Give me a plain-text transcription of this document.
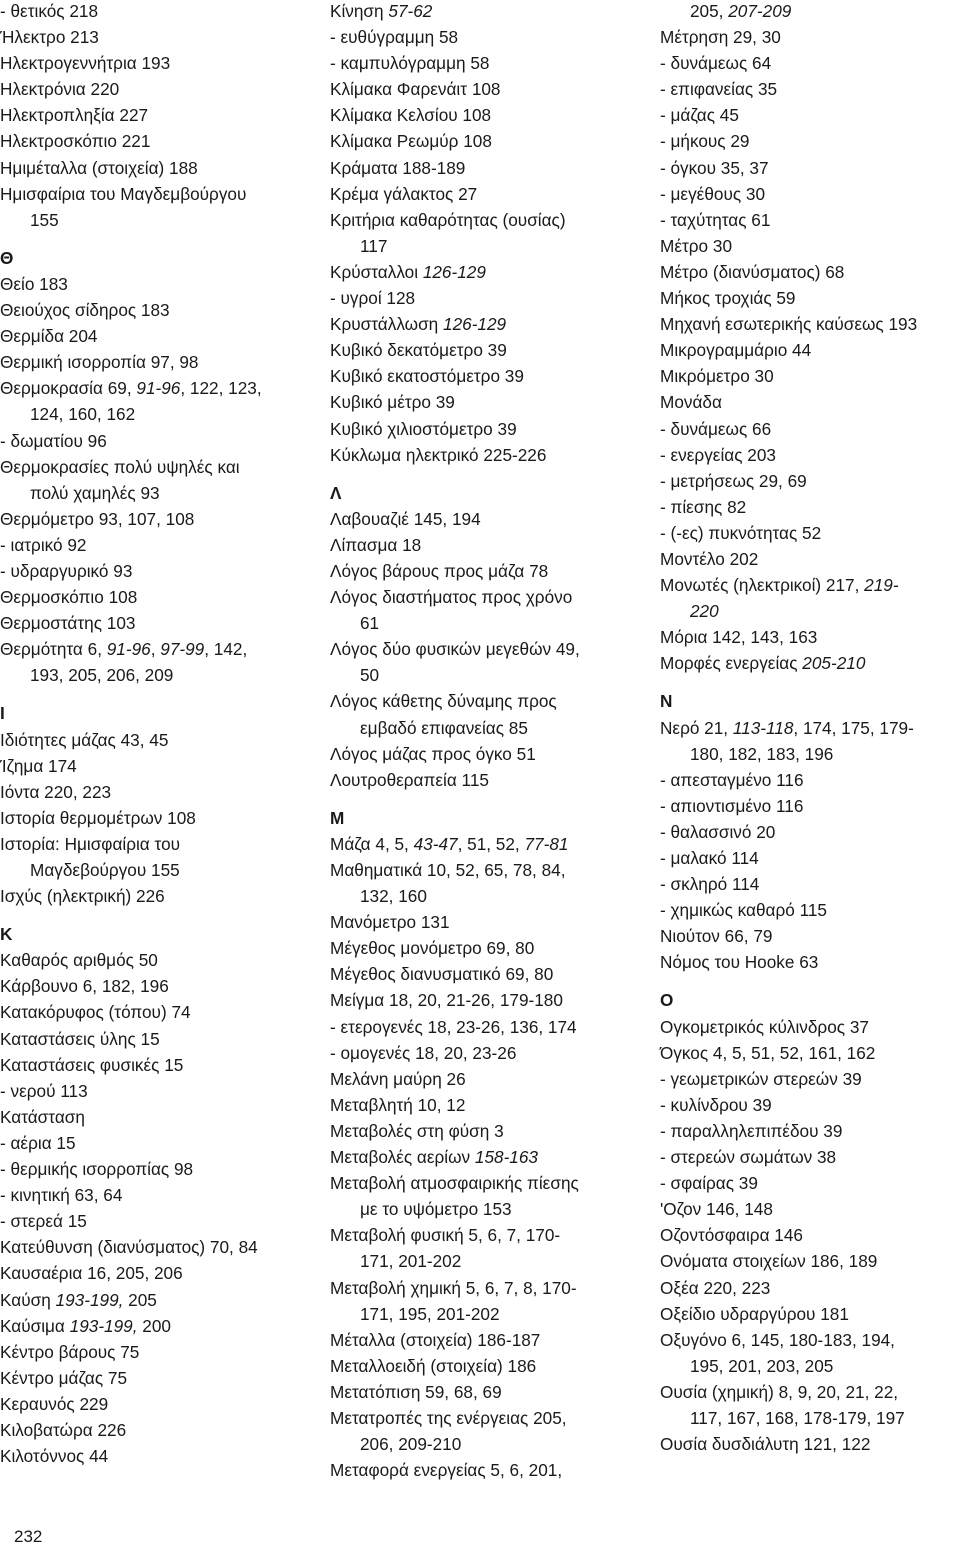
- θετικός 218
Ήλεκτρο 213
Ηλεκτρογεννήτρια 193
Ηλεκτρόνια 220
Ηλεκτροπληξία 227
Ηλεκτροσκόπιο 221
Ημιμέταλλα (στοιχεία) 188
Ημισφαίρια του Μαγδεμβούργου
155
Θ
Θείο 183
Θειούχος σίδηρος 183
Θερμίδα 204
Θερμική ισορροπία 97, 98
Θερμοκρασία 69, 91-96, 122, 123,
124, 160, 162
- δωματίου 96
Θερμοκρασίες πολύ υψηλές και
πολύ χαμηλές 93
Θερμόμετρο 93, 107, 108
- ιατρικό 92
- υδραργυρικό 93
Θερμοσκόπιο 108
Θερμοστάτης 103
Θερμότητα 6, 91-96, 97-99, 142,
193, 205, 206, 209
Ι
Ιδιότητες μάζας 43, 45
Ίζημα 174
Ιόντα 220, 223
Ιστορία θερμομέτρων 108
Ιστορία: Ημισφαίρια του
Μαγδεβούργου 155
Ισχύς (ηλεκτρική) 226
Κ
Καθαρός αριθμός 50
Κάρβουνο 6, 182, 196
Κατακόρυφος (τόπου) 74
Καταστάσεις ύλης 15
Καταστάσεις φυσικές 15
- νερού 113
Κατάσταση
- αέρια 15
- θερμικής ισορροπίας 98
- κινητική 63, 64
- στερεά 15
Κατεύθυνση (διανύσματος) 70, 84
Καυσαέρια 16, 205, 206
Καύση 193-199, 205
Καύσιμα 193-199, 200
Κέντρο βάρους 75
Κέντρο μάζας 75
Κεραυνός 229
Κιλοβατώρα 226
Κιλοτόννος 44
Κίνηση 57-62
- ευθύγραμμη 58
- καμπυλόγραμμη 58
Κλίμακα Φαρενάιτ 108
Κλίμακα Κελσίου 108
Κλίμακα Ρεωμύρ 108
Κράματα 188-189
Κρέμα γάλακτος 27
Κριτήρια καθαρότητας (ουσίας)
117
Κρύσταλλοι 126-129
- υγροί 128
Κρυστάλλωση 126-129
Κυβικό δεκατόμετρο 39
Κυβικό εκατοστόμετρο 39
Κυβικό μέτρο 39
Κυβικό χιλιοστόμετρο 39
Κύκλωμα ηλεκτρικό 225-226
Λ
Λαβουαζιέ 145, 194
Λίπασμα 18
Λόγος βάρους προς μάζα 78
Λόγος διαστήματος προς χρόνο
61
Λόγος δύο φυσικών μεγεθών 49,
50
Λόγος κάθετης δύναμης προς
εμβαδό επιφανείας 85
Λόγος μάζας προς όγκο 51
Λουτροθεραπεία 115
Μ
Μάζα 4, 5, 43-47, 51, 52, 77-81
Μαθηματικά 10, 52, 65, 78, 84,
132, 160
Μανόμετρο 131
Μέγεθος μονόμετρο 69, 80
Μέγεθος διανυσματικό 69, 80
Μείγμα 18, 20, 21-26, 179-180
- ετερογενές 18, 23-26, 136, 174
- ομογενές 18, 20, 23-26
Μελάνη μαύρη 26
Μεταβλητή 10, 12
Μεταβολές στη φύση 3
Μεταβολές αερίων 158-163
Μεταβολή ατμοσφαιρικής πίεσης
με το υψόμετρο 153
Μεταβολή φυσική 5, 6, 7, 170-
171, 201-202
Μεταβολή χημική 5, 6, 7, 8, 170-
171, 195, 201-202
Μέταλλα (στοιχεία) 186-187
Μεταλλοειδή (στοιχεία) 186
Μετατόπιση 59, 68, 69
Μετατροπές της ενέργειας 205,
206, 209-210
Μεταφορά ενεργείας 5, 6, 201,
205, 207-209
Μέτρηση 29, 30
- δυνάμεως 64
- επιφανείας 35
- μάζας 45
- μήκους 29
- όγκου 35, 37
- μεγέθους 30
- ταχύτητας 61
Μέτρο 30
Μέτρο (διανύσματος) 68
Μήκος τροχιάς 59
Μηχανή εσωτερικής καύσεως 193
Μικρογραμμάριο 44
Μικρόμετρο 30
Μονάδα
- δυνάμεως 66
- ενεργείας 203
- μετρήσεως 29, 69
- πίεσης 82
- (-ες) πυκνότητας 52
Μοντέλο 202
Μονωτές (ηλεκτρικοί) 217, 219-
220
Μόρια 142, 143, 163
Μορφές ενεργείας 205-210
Ν
Νερό 21, 113-118, 174, 175, 179-
180, 182, 183, 196
- απεσταγμένο 116
- απιοντισμένο 116
- θαλασσινό 20
- μαλακό 114
- σκληρό 114
- χημικώς καθαρό 115
Νιούτον 66, 79
Νόμος του Hooke 63
Ο
Ογκομετρικός κύλινδρος 37
Όγκος 4, 5, 51, 52, 161, 162
- γεωμετρικών στερεών 39
- κυλίνδρου 39
- παραλληλεπιπέδου 39
- στερεών σωμάτων 38
- σφαίρας 39
'Οζον 146, 148
Οζοντόσφαιρα 146
Ονόματα στοιχείων 186, 189
Οξέα 220, 223
Οξείδιο υδραργύρου 181
Οξυγόνο 6, 145, 180-183, 194,
195, 201, 203, 205
Ουσία (χημική) 8, 9, 20, 21, 22,
117, 167, 168, 178-179, 197
Ουσία δυσδιάλυτη 121, 122
232
